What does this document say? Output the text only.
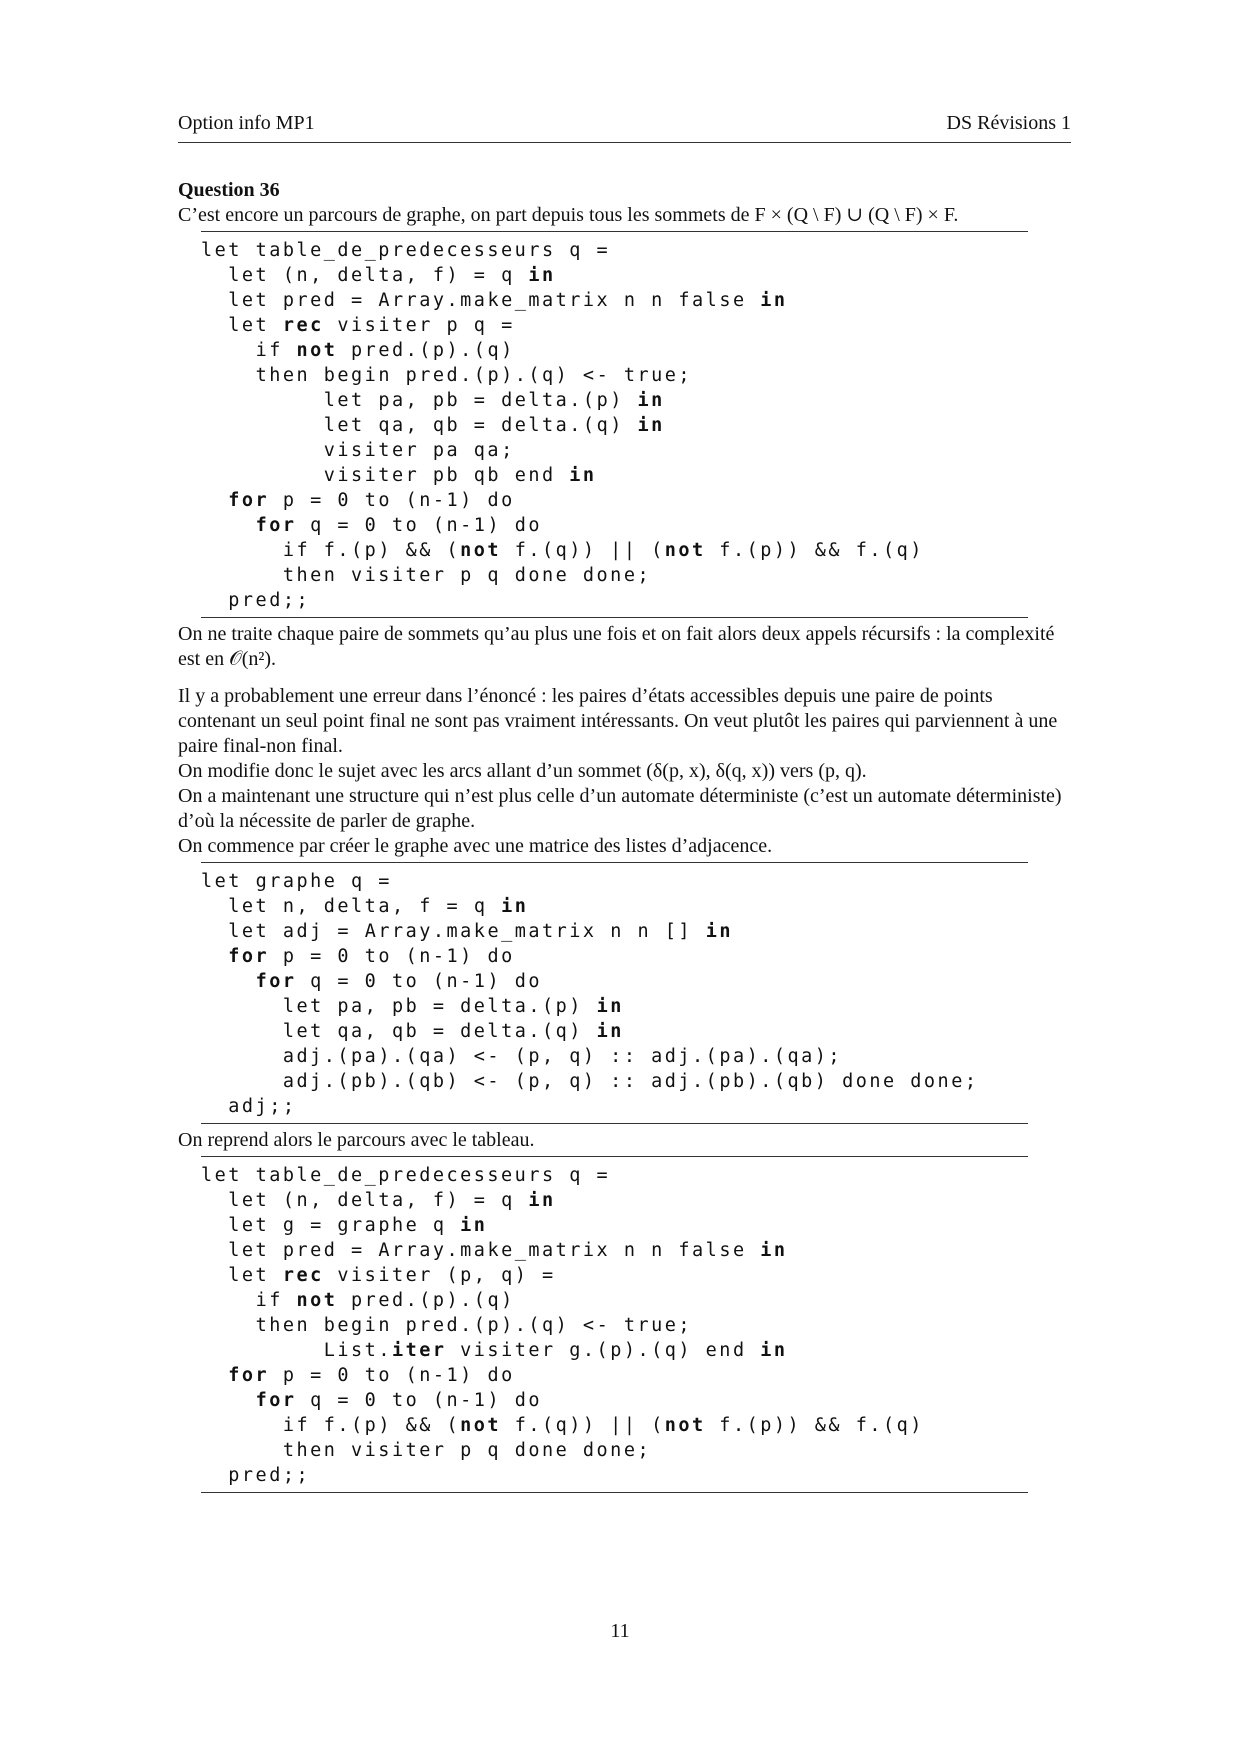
Option info MP1	DS Révisions 1

Question 36

C’est encore un parcours de graphe, on part depuis tous les sommets de F × (Q \ F) ∪ (Q \ F) × F.

let table_de_predecesseurs q =
let (n, delta, f) = q in
let pred = Array.make_matrix n n false in
let rec visiter p q =
if not pred.(p).(q)
then begin pred.(p).(q) <- true;
let pa, pb = delta.(p) in
let qa, qb = delta.(q) in
visiter pa qa;
visiter pb qb end in
for p = 0 to (n-1) do
for q = 0 to (n-1) do
if f.(p) && (not f.(q)) || (not f.(p)) && f.(q)
then visiter p q done done;
pred;;

On ne traite chaque paire de sommets qu’au plus une fois et on fait alors deux appels récursifs : la complexité est en 𝒪(n²).

Il y a probablement une erreur dans l’énoncé : les paires d’états accessibles depuis une paire de points contenant un seul point final ne sont pas vraiment intéressants. On veut plutôt les paires qui parviennent à une paire final-non final.

On modifie donc le sujet avec les arcs allant d’un sommet (δ(p, x), δ(q, x)) vers (p, q).

On a maintenant une structure qui n’est plus celle d’un automate déterministe (c’est un automate déterministe) d’où la nécessite de parler de graphe.

On commence par créer le graphe avec une matrice des listes d’adjacence.

let graphe q =
let n, delta, f = q in
let adj = Array.make_matrix n n [] in
for p = 0 to (n-1) do
for q = 0 to (n-1) do
let pa, pb = delta.(p) in
let qa, qb = delta.(q) in
adj.(pa).(qa) <- (p, q) :: adj.(pa).(qa);
adj.(pb).(qb) <- (p, q) :: adj.(pb).(qb) done done;
adj;;

On reprend alors le parcours avec le tableau.

let table_de_predecesseurs q =
let (n, delta, f) = q in
let g = graphe q in
let pred = Array.make_matrix n n false in
let rec visiter (p, q) =
if not pred.(p).(q)
then begin pred.(p).(q) <- true;
List.iter visiter g.(p).(q) end in
for p = 0 to (n-1) do
for q = 0 to (n-1) do
if f.(p) && (not f.(q)) || (not f.(p)) && f.(q)
then visiter p q done done;
pred;;
11
